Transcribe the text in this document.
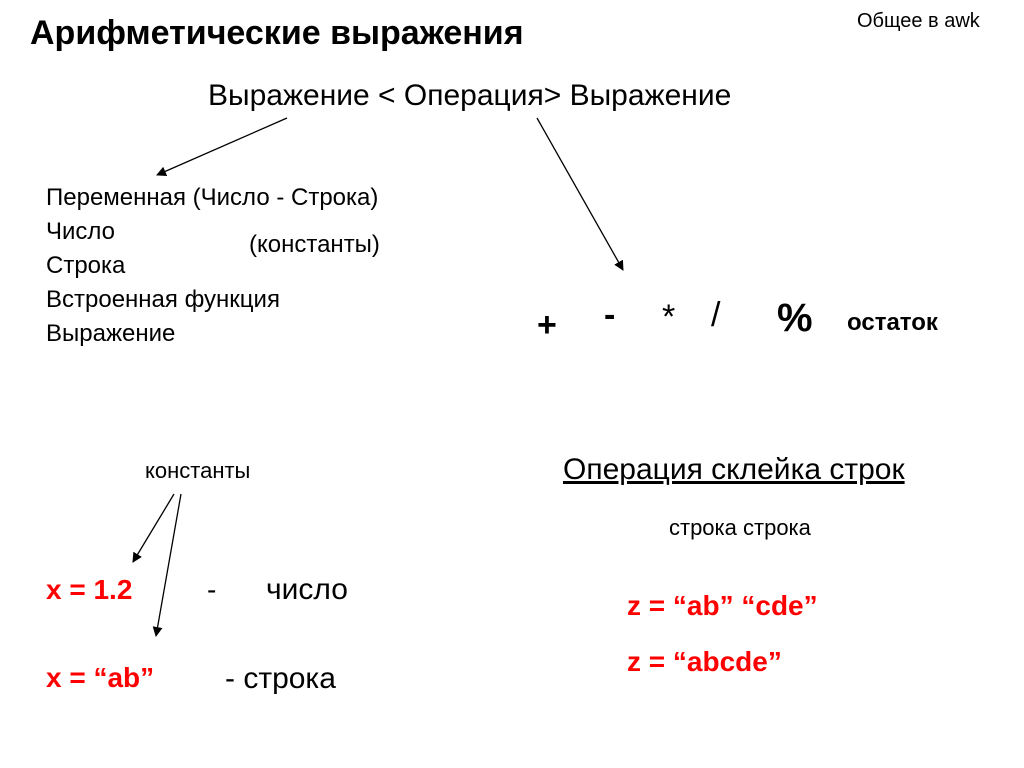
Арифметические выражения	Общее в awk
Выражение < Операция> Выражение
Переменная (Число - Строка)
Число
Строка
Встроенная функция
Выражение
(константы)
+ - * / % остаток
константы
x = 1.2	- число
x = “ab” - строка
Операция склейка строк
строка строка
z = “ab” “cde”
z = “abcde”
